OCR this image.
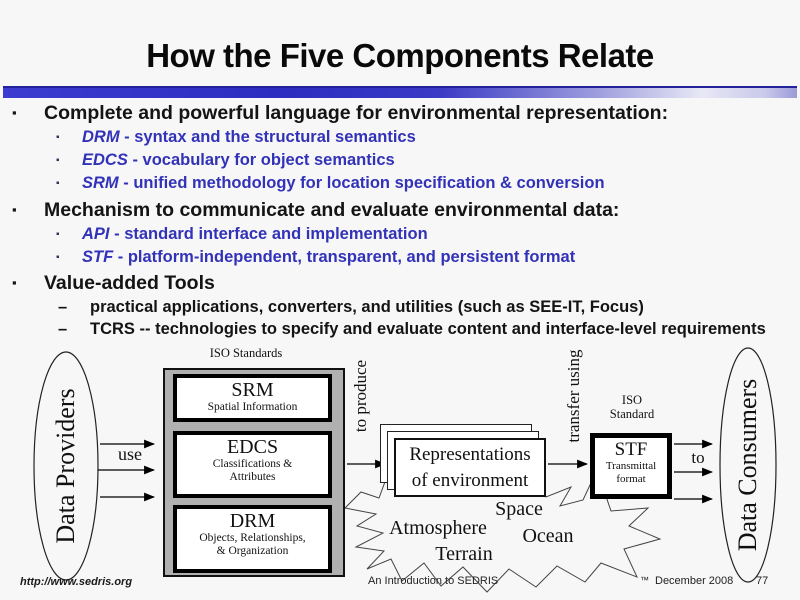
How the Five Components Relate
▪	Complete and powerful language for environmental representation:
▪	DRM - syntax and the structural semantics
▪	EDCS - vocabulary for object semantics
▪	SRM - unified methodology for location specification & conversion
▪	Mechanism to communicate and evaluate environmental data:
▪	API - standard interface and implementation
▪	STF - platform-independent, transparent, and persistent format
▪	Value-added Tools
–	practical applications, converters, and utilities (such as SEE-IT, Focus)
–	TCRS -- technologies to specify and evaluate content and interface-level requirements
SRM
Spatial Information
EDCS
Classifications &
Attributes
DRM
Objects, Relationships,
& Organization
Representations
of environment
STF
Transmittal
format
ISO Standards
use
to produce	transfer using	ISO
Standard
to
Data Providers	Data Consumers
Space
Atmosphere Ocean
Terrain
http://www.sedris.org	An Introduction to SEDRIS	™ December 2008 77
